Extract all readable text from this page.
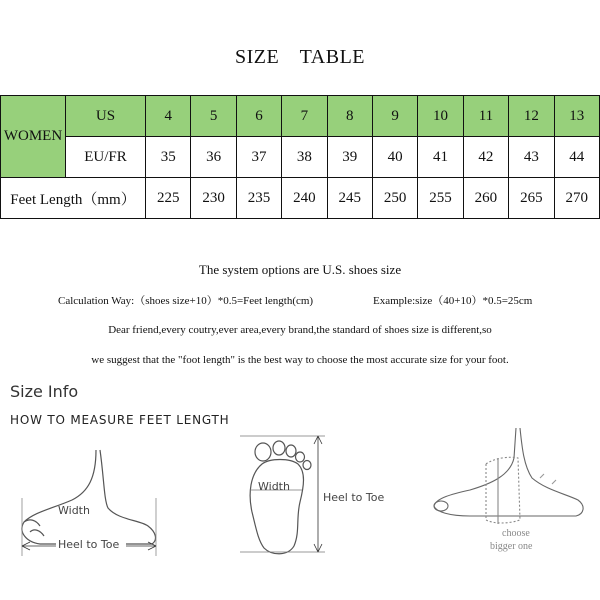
SIZE　TABLE
WOMEN	US	4	5	6	7	8	9	10	11	12	13
	EU/FR	35	36	37	38	39	40	41	42	43	44
Feet Length（mm）		225	230	235	240	245	250	255	260	265	270
The system options are U.S. shoes size
Calculation Way:（shoes size+10）*0.5=Feet length(cm)	Example:size（40+10）*0.5=25cm
Dear friend,every coutry,ever area,every brand,the standard of shoes size is different,so
we suggest that the "foot length" is the best way to choose the most accurate size for your foot.
Size Info
HOW TO MEASURE FEET LENGTH
Heel to Toe
Width
Width
Heel to Toe
choose
bigger one
